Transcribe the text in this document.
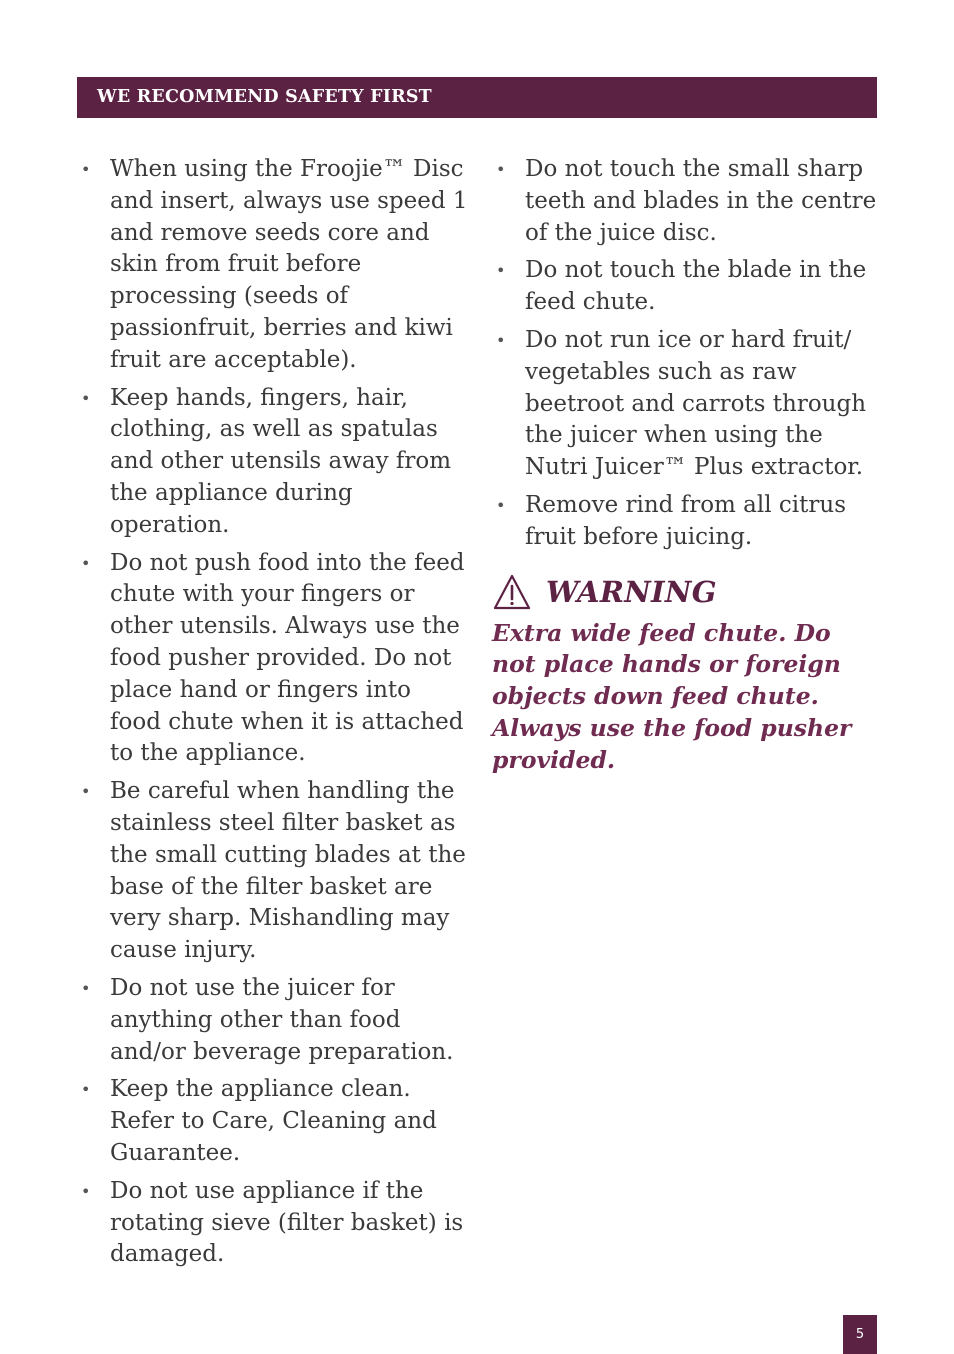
WE RECOMMEND SAFETY FIRST
• When using the Froojie™ Disc and insert, always use speed 1 and remove seeds core and skin from fruit before processing (seeds of passionfruit, berries and kiwi fruit are acceptable).
• Keep hands, fingers, hair, clothing, as well as spatulas and other utensils away from the appliance during operation.
• Do not push food into the feed chute with your fingers or other utensils. Always use the food pusher provided. Do not place hand or fingers into food chute when it is attached to the appliance.
• Be careful when handling the stainless steel filter basket as the small cutting blades at the base of the filter basket are very sharp. Mishandling may cause injury.
• Do not use the juicer for anything other than food and/or beverage preparation.
• Keep the appliance clean. Refer to Care, Cleaning and Guarantee.
• Do not use appliance if the rotating sieve (filter basket) is damaged.
• Do not touch the small sharp teeth and blades in the centre of the juice disc.
• Do not touch the blade in the feed chute.
• Do not run ice or hard fruit/ vegetables such as raw beetroot and carrots through the juicer when using the Nutri Juicer™ Plus extractor.
• Remove rind from all citrus fruit before juicing.
WARNING
Extra wide feed chute. Do not place hands or foreign objects down feed chute. Always use the food pusher provided.
5
